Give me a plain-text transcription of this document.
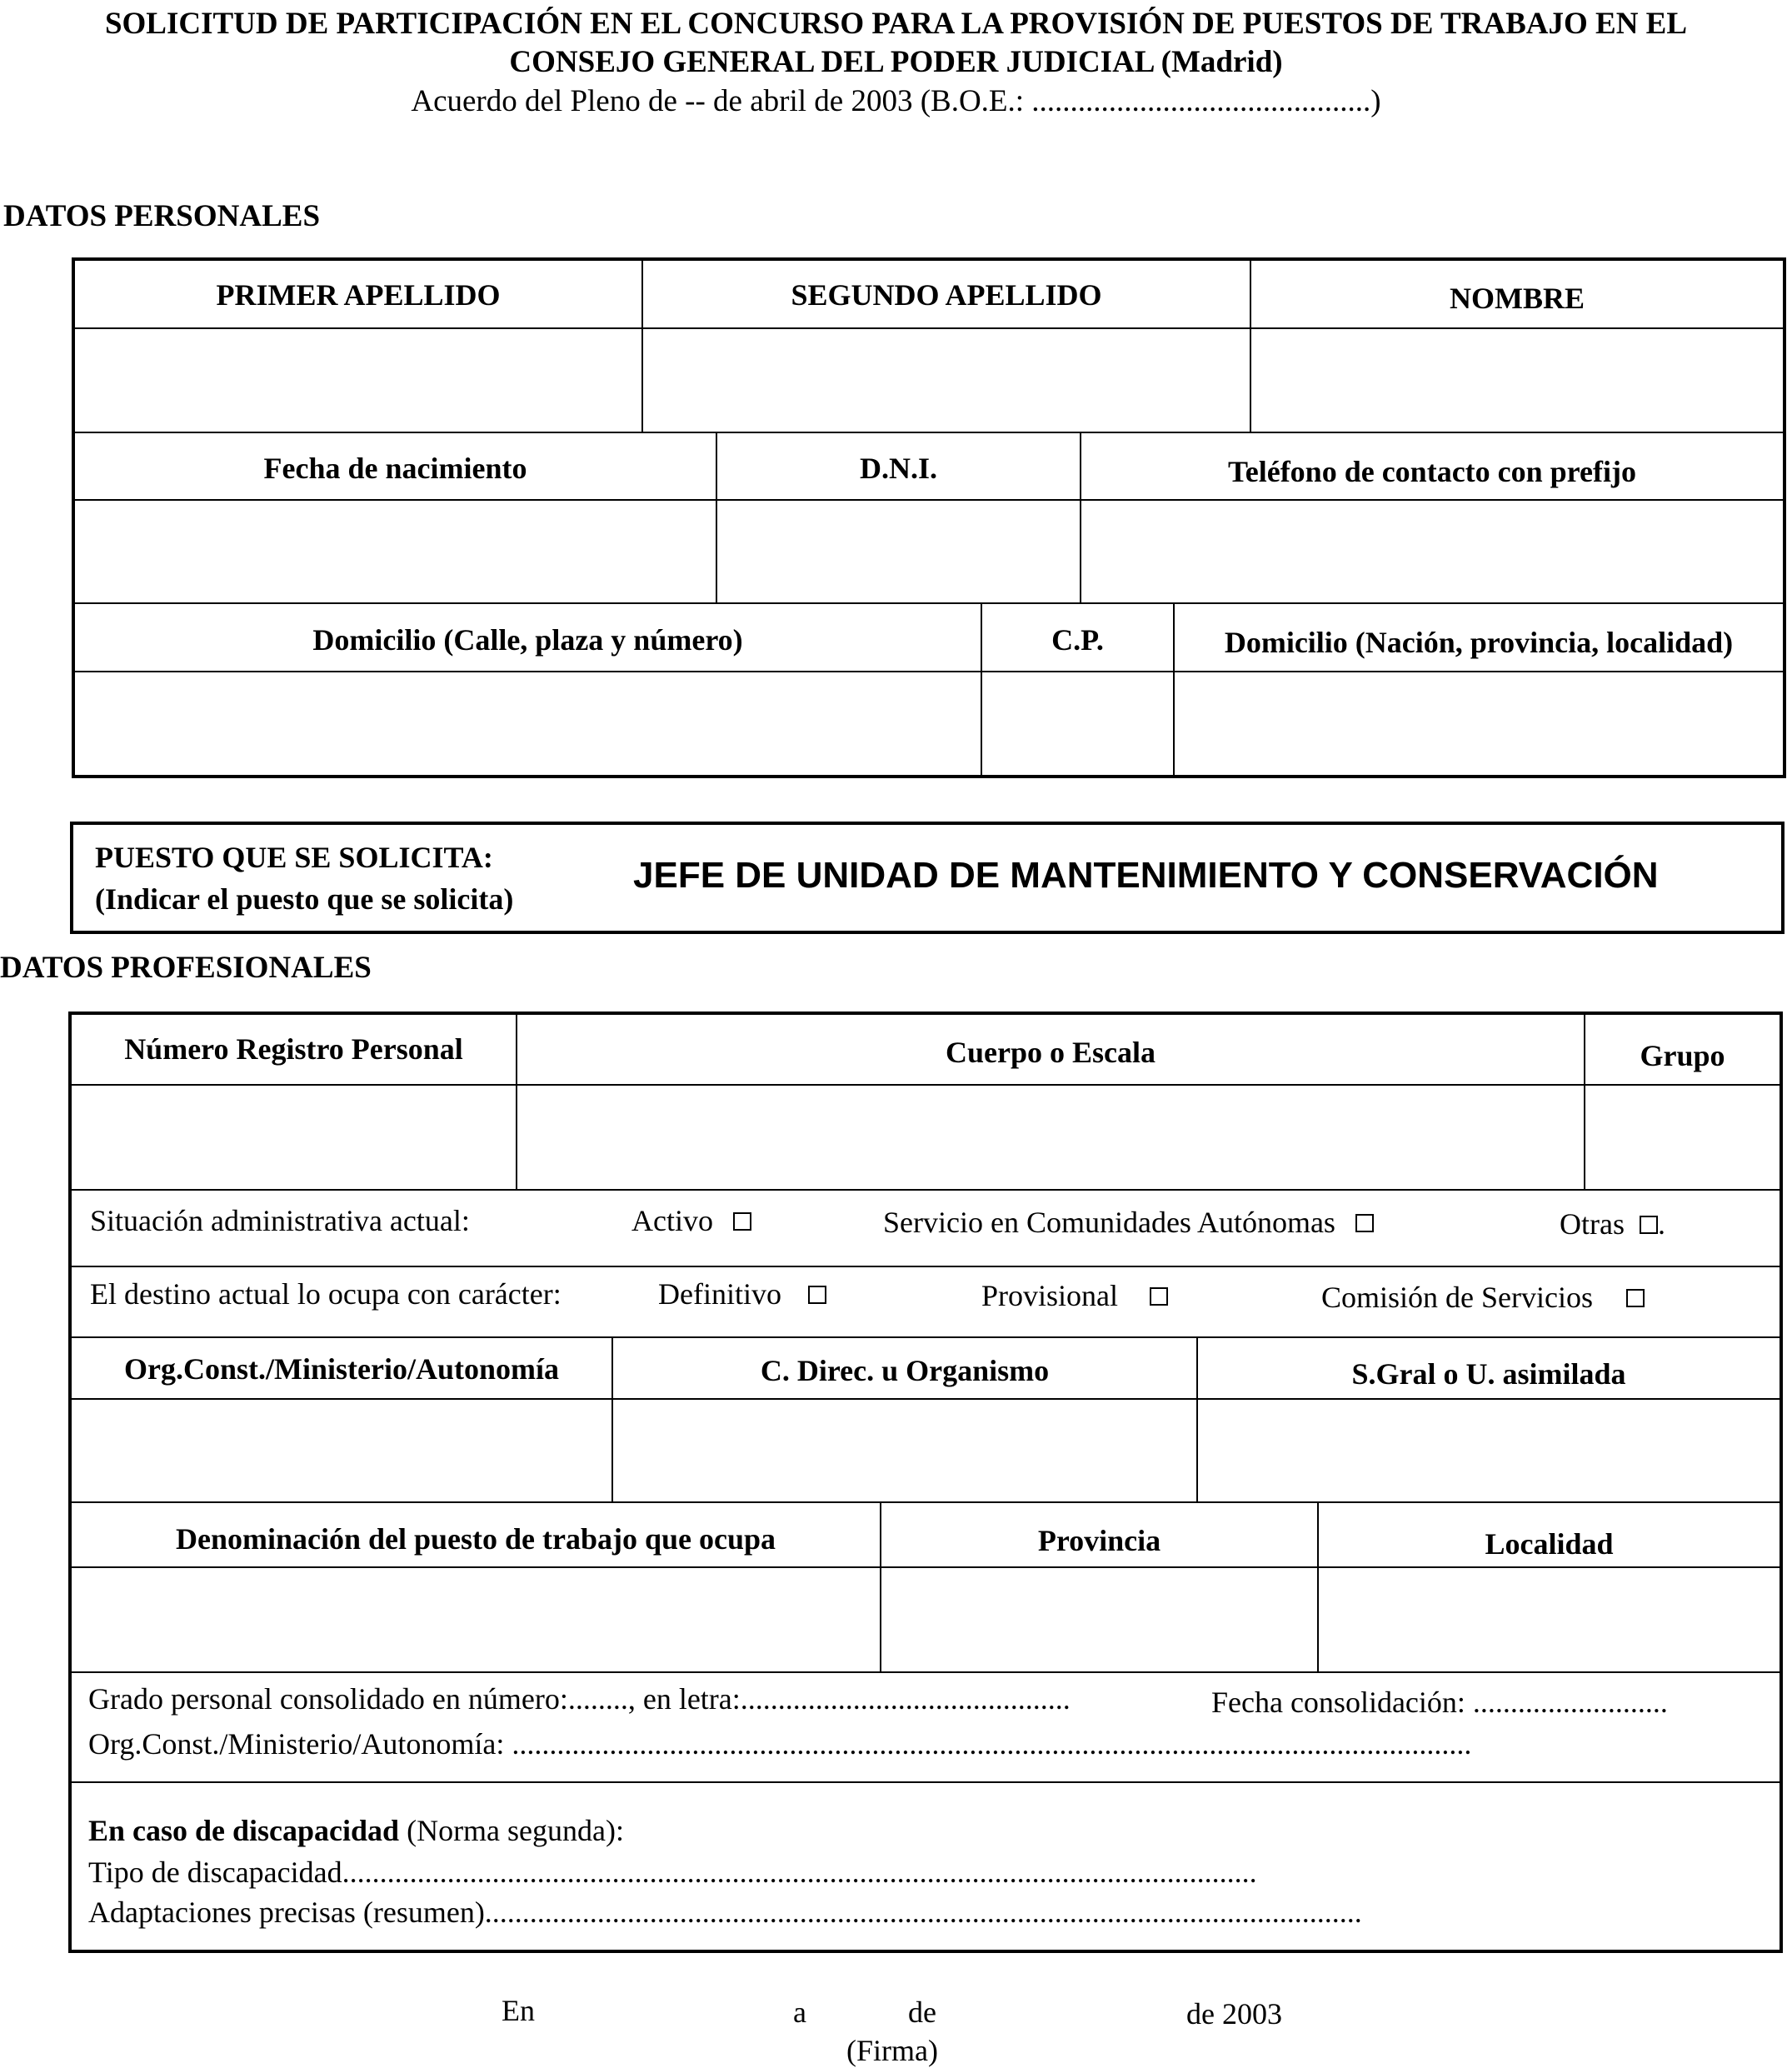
SOLICITUD DE PARTICIPACIÓN EN EL CONCURSO PARA LA PROVISIÓN DE PUESTOS DE TRABAJO EN EL
CONSEJO GENERAL DEL PODER JUDICIAL (Madrid)
Acuerdo del Pleno de -- de abril de 2003 (B.O.E.: ............................................)
DATOS PERSONALES
PRIMER APELLIDO	SEGUNDO APELLIDO	NOMBRE
Fecha de nacimiento	D.N.I.	Teléfono de contacto con prefijo
Domicilio (Calle, plaza y número)	C.P.	Domicilio (Nación, provincia, localidad)
PUESTO QUE SE SOLICITA:
(Indicar el puesto que se solicita)
JEFE DE UNIDAD DE MANTENIMIENTO Y CONSERVACIÓN
DATOS PROFESIONALES
Número Registro Personal	Cuerpo o Escala	Grupo
Situación administrativa actual:	Activo	Servicio en Comunidades Autónomas	Otras .
El destino actual lo ocupa con carácter:	Definitivo	Provisional	Comisión de Servicios
Org.Const./Ministerio/Autonomía	C. Direc. u Organismo	S.Gral o U. asimilada
Denominación del puesto de trabajo que ocupa	Provincia	Localidad
Grado personal consolidado en número:........, en letra:............................................	Fecha consolidación: ..........................
Org.Const./Ministerio/Autonomía: ................................................................................................................................
En caso de discapacidad (Norma segunda):
Tipo de discapacidad..........................................................................................................................
Adaptaciones precisas (resumen).....................................................................................................................
En	a	de	de 2003
(Firma)
